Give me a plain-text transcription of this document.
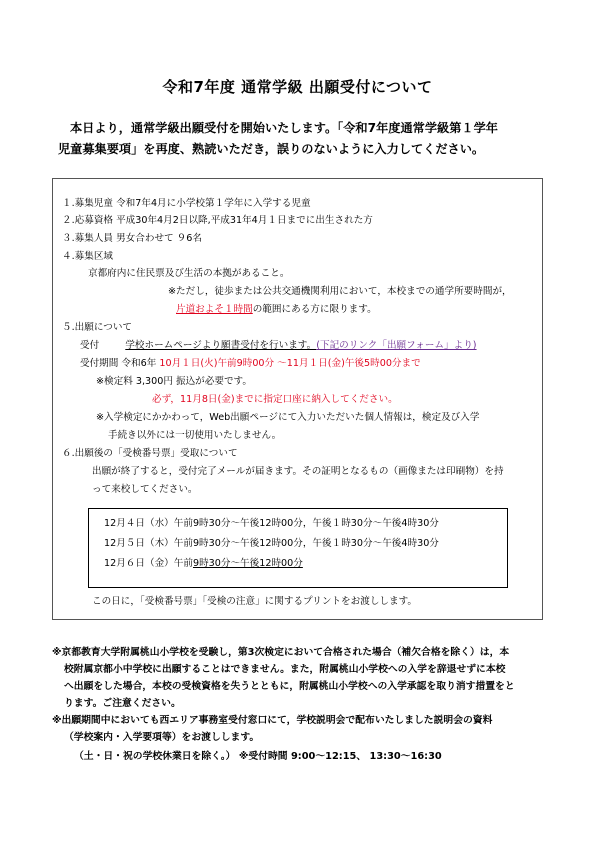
令和7年度 通常学級 出願受付について
本日より，通常学級出願受付を開始いたします。「令和7年度通常学級第１学年
児童募集要項」を再度、熟読いただき，誤りのないように入力してください。
１.募集児童 令和7年4月に小学校第１学年に入学する児童
２.応募資格 平成30年4月2日以降,平成31年4月１日までに出生された方
３.募集人員 男女合わせて ９6名
４.募集区域
京都府内に住民票及び生活の本拠があること。
※ただし，徒歩または公共交通機関利用において，本校までの通学所要時間が，
片道およそ１時間の範囲にある方に限ります。
５.出願について
受付	学校ホームページより願書受付を行います。(下記のリンク「出願フォーム」より)
受付期間 令和6年 10月１日(火)午前9時00分 ～11月１日(金)午後5時00分まで
※検定料 3,300円 振込が必要です。
必ず，11月8日(金)までに指定口座に納入してください。
※入学検定にかかわって，Web出願ページにて入力いただいた個人情報は，検定及び入学
手続き以外には一切使用いたしません。
６.出願後の「受検番号票」受取について
出願が終了すると，受付完了メールが届きます。その証明となるもの（画像または印刷物）を持
って来校してください。
12月４日（水）午前9時30分～午後12時00分，午後１時30分～午後4時30分
12月５日（木）午前9時30分～午後12時00分，午後１時30分～午後4時30分
12月６日（金）午前9時30分～午後12時00分
この日に，「受検番号票」「受検の注意」に関するプリントをお渡しします。
※京都教育大学附属桃山小学校を受験し，第3次検定において合格された場合（補欠合格を除く）は，本
校附属京都小中学校に出願することはできません。また，附属桃山小学校への入学を辞退せずに本校
へ出願をした場合，本校の受検資格を失うとともに，附属桃山小学校への入学承認を取り消す措置をと
ります。ご注意ください。
※出願期間中においても西エリア事務室受付窓口にて，学校説明会で配布いたしました説明会の資料
（学校案内・入学要項等）をお渡しします。
（土・日・祝の学校休業日を除く。） ※受付時間 9:00～12:15、 13:30～16:30
